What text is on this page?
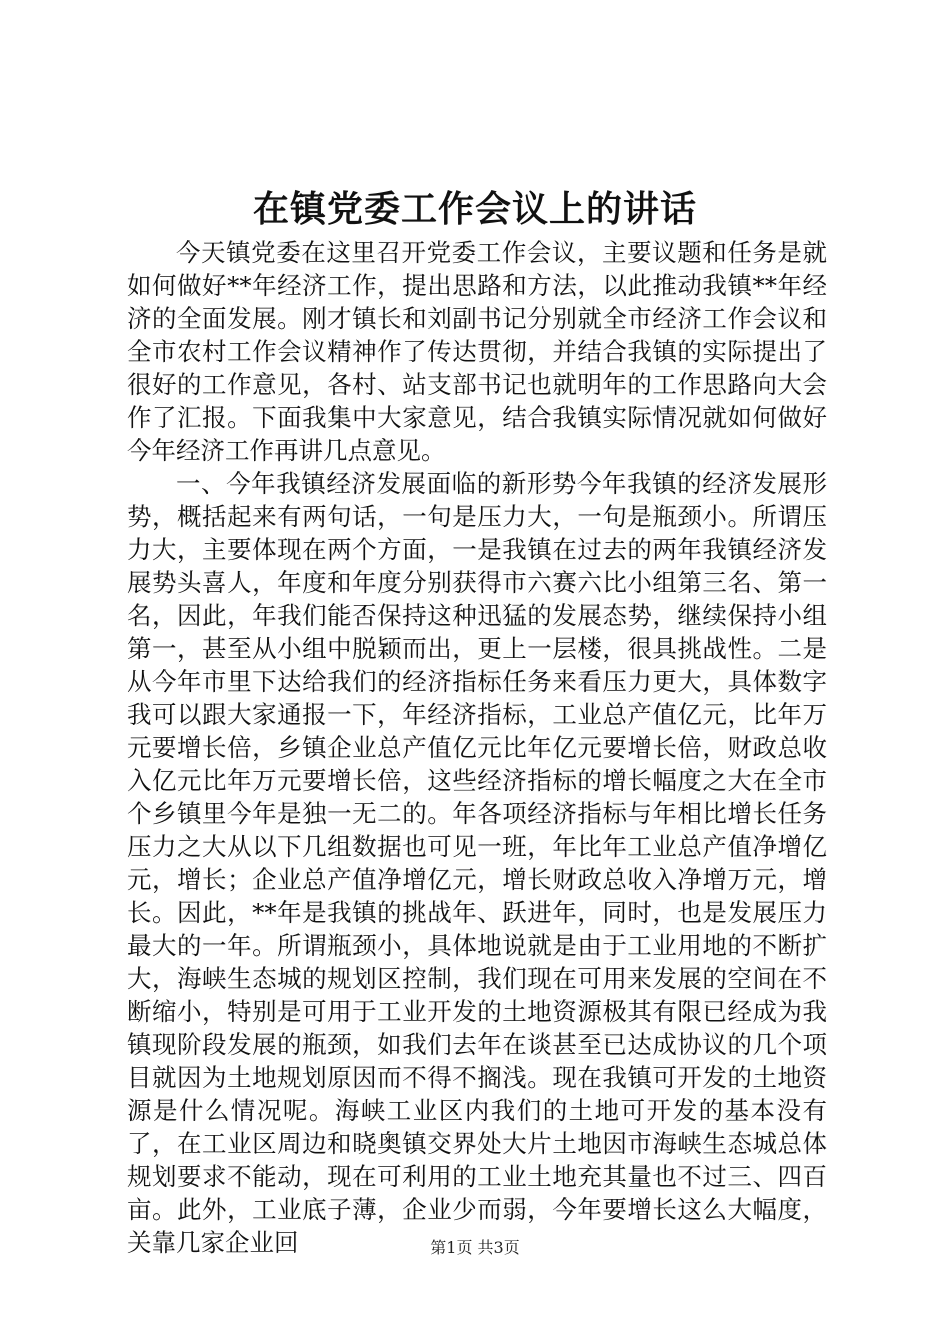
在镇党委工作会议上的讲话

今天镇党委在这里召开党委工作会议，主要议题和任务是就如何做好**年经济工作，提出思路和方法，以此推动我镇**年经济的全面发展。刚才镇长和刘副书记分别就全市经济工作会议和全市农村工作会议精神作了传达贯彻，并结合我镇的实际提出了很好的工作意见，各村、站支部书记也就明年的工作思路向大会作了汇报。下面我集中大家意见，结合我镇实际情况就如何做好今年经济工作再讲几点意见。

一、今年我镇经济发展面临的新形势今年我镇的经济发展形势，概括起来有两句话，一句是压力大，一句是瓶颈小。所谓压力大，主要体现在两个方面，一是我镇在过去的两年我镇经济发展势头喜人，年度和年度分别获得市六赛六比小组第三名、第一名，因此，年我们能否保持这种迅猛的发展态势，继续保持小组第一，甚至从小组中脱颖而出，更上一层楼，很具挑战性。二是从今年市里下达给我们的经济指标任务来看压力更大，具体数字我可以跟大家通报一下，年经济指标，工业总产值亿元，比年万元要增长倍，乡镇企业总产值亿元比年亿元要增长倍，财政总收入亿元比年万元要增长倍，这些经济指标的增长幅度之大在全市个乡镇里今年是独一无二的。年各项经济指标与年相比增长任务压力之大从以下几组数据也可见一班，年比年工业总产值净增亿元，增长；企业总产值净增亿元，增长财政总收入净增万元，增长。因此，**年是我镇的挑战年、跃进年，同时，也是发展压力最大的一年。所谓瓶颈小，具体地说就是由于工业用地的不断扩大，海峡生态城的规划区控制，我们现在可用来发展的空间在不断缩小，特别是可用于工业开发的土地资源极其有限已经成为我镇现阶段发展的瓶颈，如我们去年在谈甚至已达成协议的几个项目就因为土地规划原因而不得不搁浅。现在我镇可开发的土地资源是什么情况呢。海峡工业区内我们的土地可开发的基本没有了，在工业区周边和晓奥镇交界处大片土地因市海峡生态城总体规划要求不能动，现在可利用的工业土地充其量也不过三、四百亩。此外，工业底子薄，企业少而弱，今年要增长这么大幅度，关靠几家企业回	第1页 共3页
